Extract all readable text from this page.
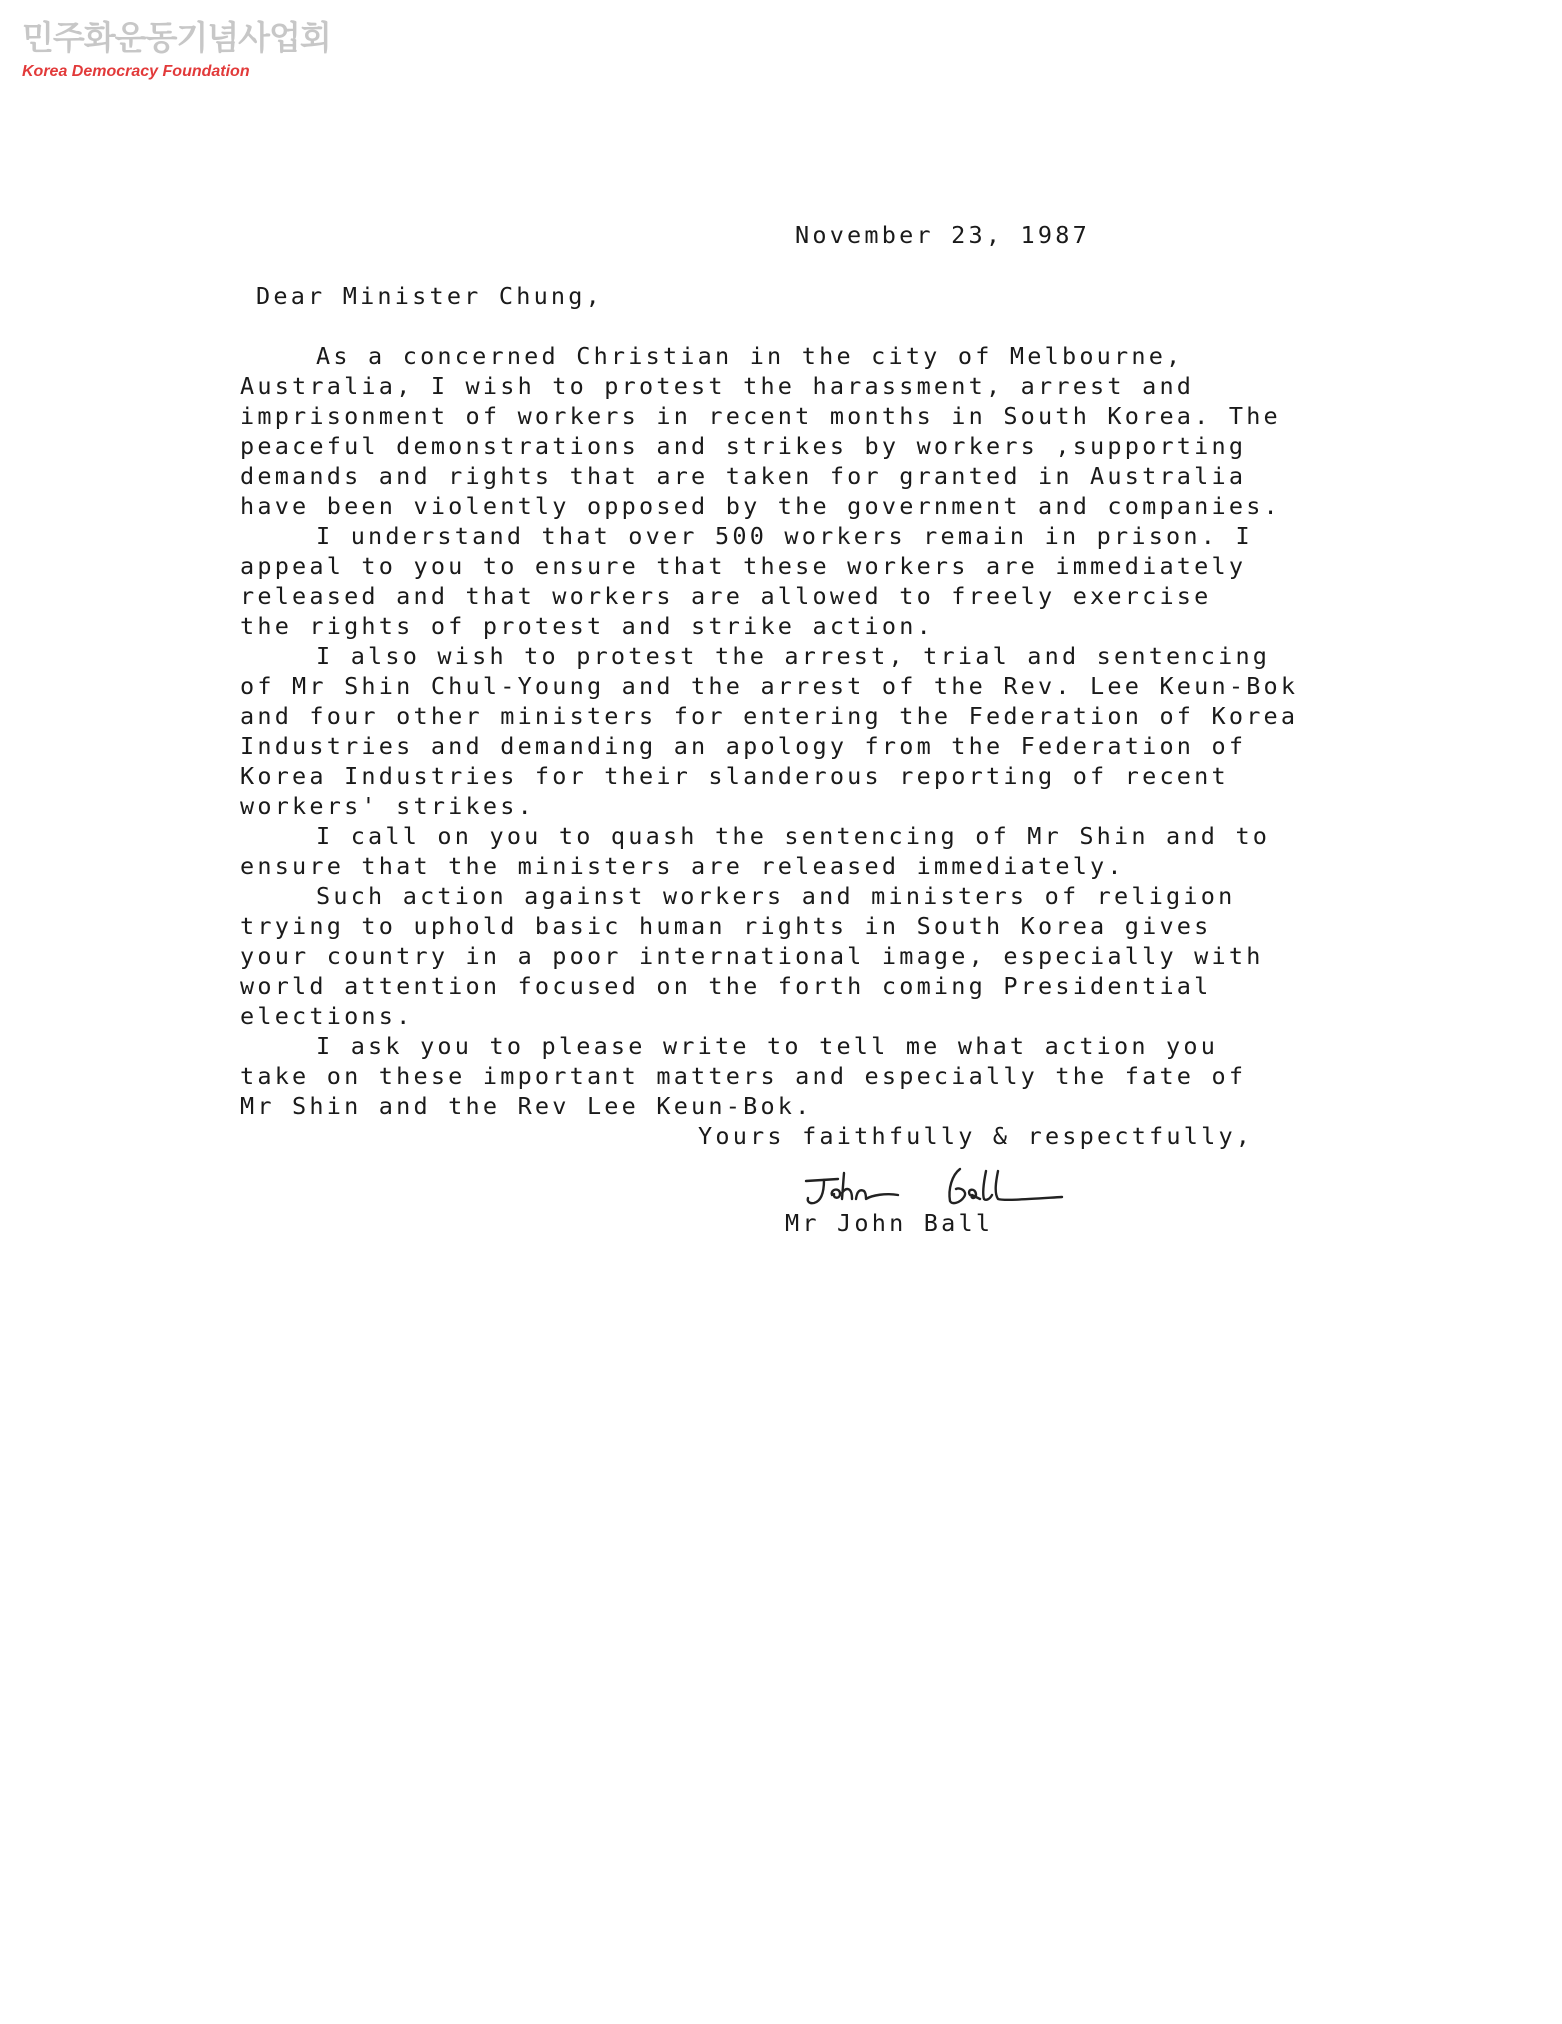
민주화운동기념사업회
Korea Democracy Foundation

November 23, 1987

Dear Minister Chung,

As a concerned Christian in the city of Melbourne,

Australia, I wish to protest the harassment, arrest and

imprisonment of workers in recent months in South Korea. The

peaceful demonstrations and strikes by workers ,supporting

demands and rights that are taken for granted in Australia

have been violently opposed by the government and companies.

I understand that over 500 workers remain in prison. I

appeal to you to ensure that these workers are immediately

released and that workers are allowed to freely exercise

the rights of protest and strike action.

I also wish to protest the arrest, trial and sentencing

of Mr Shin Chul-Young and the arrest of the Rev. Lee Keun-Bok

and four other ministers for entering the Federation of Korea

Industries and demanding an apology from the Federation of

Korea Industries for their slanderous reporting of recent

workers' strikes.

I call on you to quash the sentencing of Mr Shin and to

ensure that the ministers are released immediately.

Such action against workers and ministers of religion

trying to uphold basic human rights in South Korea gives

your country in a poor international image, especially with

world attention focused on the forth coming Presidential

elections.

I ask you to please write to tell me what action you

take on these important matters and especially the fate of

Mr Shin and the Rev Lee Keun-Bok.

Yours faithfully & respectfully,

Mr John Ball
